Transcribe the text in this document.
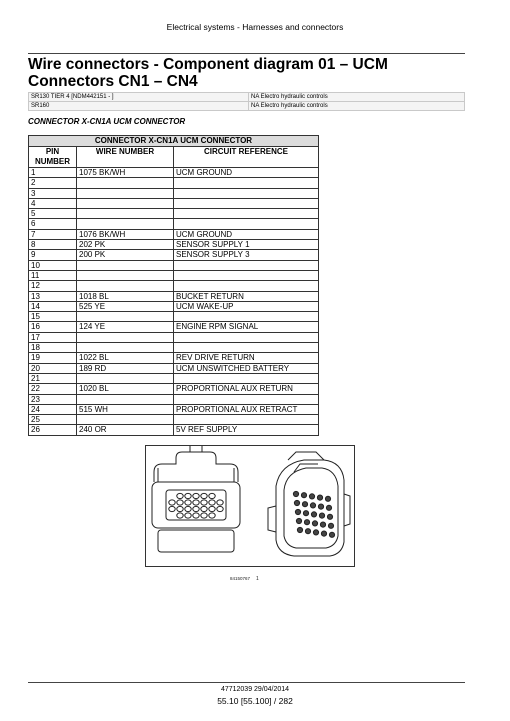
Electrical systems - Harnesses and connectors
Wire connectors - Component diagram 01 – UCM Connectors CN1 – CN4
SR130 TIER 4 [NDM442151 - ]	NA Electro hydraulic controls
SR160	NA Electro hydraulic controls
CONNECTOR X-CN1A UCM CONNECTOR
CONNECTOR X-CN1A UCM CONNECTOR		
PIN NUMBER	WIRE NUMBER	CIRCUIT REFERENCE
1	1075 BK/WH	UCM GROUND
2		
3		
4		
5		
6		
7	1076 BK/WH	UCM GROUND
8	202 PK	SENSOR SUPPLY 1
9	200 PK	SENSOR SUPPLY 3
10		
11		
12		
13	1018 BL	BUCKET RETURN
14	525 YE	UCM WAKE-UP
15		
16	124 YE	ENGINE RPM SIGNAL
17		
18		
19	1022 BL	REV DRIVE RETURN
20	189 RD	UCM UNSWITCHED BATTERY
21		
22	1020 BL	PROPORTIONAL AUX RETURN
23		
24	515 WH	PROPORTIONAL AUX RETRACT
25		
26	240 OR	5V REF SUPPLY
84150767 1
47712039 29/04/2014
55.10 [55.100] / 282
